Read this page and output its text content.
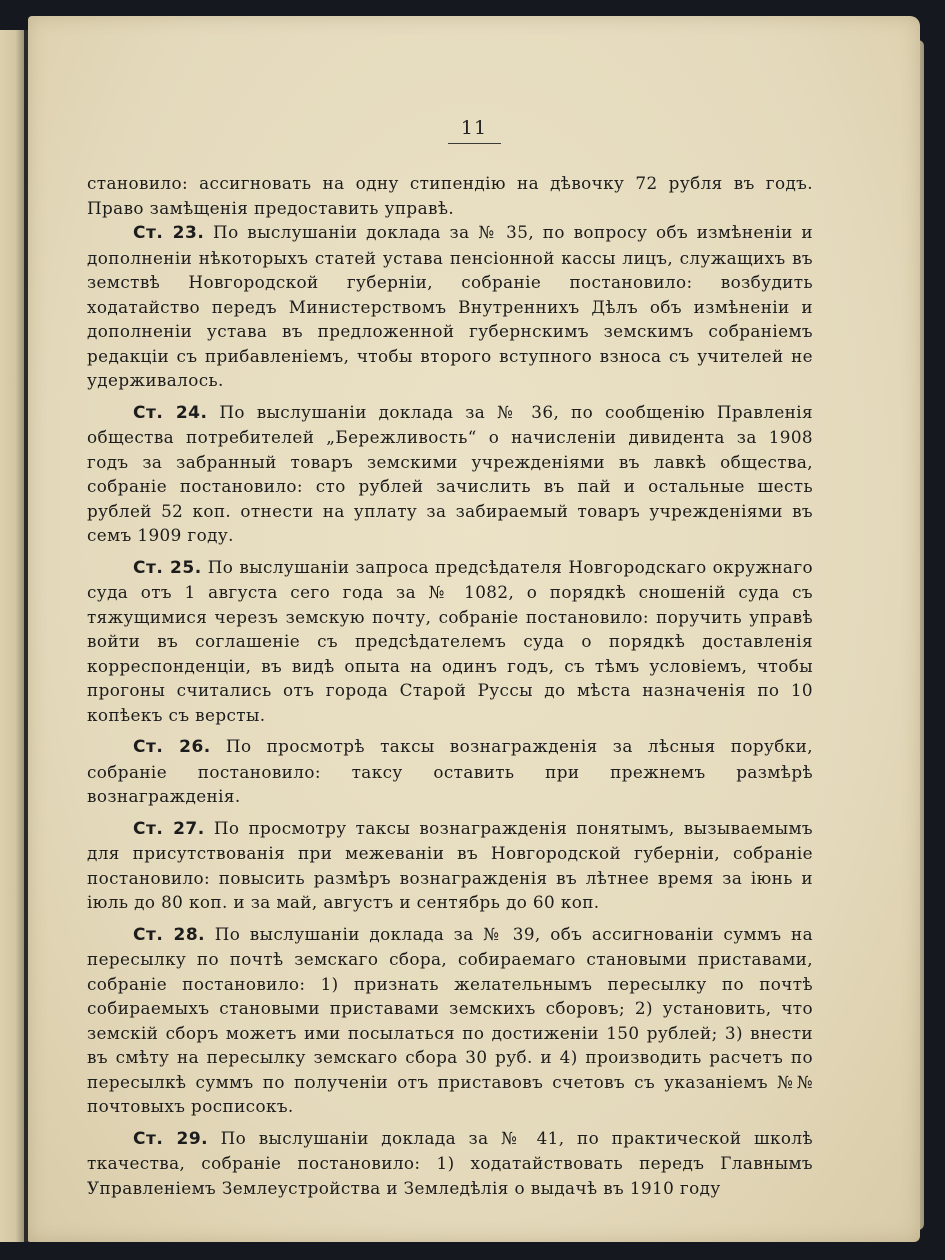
11

становило: ассигновать на одну стипендію на дѣвочку 72 рубля въ годъ. Право замѣщенія предоставить управѣ.

Ст. 23. По выслушаніи доклада за № 35, по вопросу объ измѣненіи и дополненіи нѣкоторыхъ статей устава пенсіонной кассы лицъ, служащихъ въ земствѣ Новгородской губерніи, собраніе постановило: возбудить ходатайство передъ Министерствомъ Внутреннихъ Дѣлъ объ измѣненіи и дополненіи устава въ предложенной губернскимъ земскимъ собраніемъ редакціи съ прибавленіемъ, чтобы второго вступного взноса съ учителей не удерживалось.

Ст. 24. По выслушаніи доклада за № 36, по сообщенію Правленія общества потребителей „Бережливость“ о начисленіи дивидента за 1908 годъ за забранный товаръ земскими учрежденіями въ лавкѣ общества, собраніе постановило: сто рублей зачислить въ пай и остальные шесть рублей 52 коп. отнести на уплату за забираемый товаръ учрежденіями въ семъ 1909 году.

Ст. 25. По выслушаніи запроса предсѣдателя Новгородскаго окружнаго суда отъ 1 августа сего года за № 1082, о порядкѣ сношеній суда съ тяжущимися черезъ земскую почту, собраніе постановило: поручить управѣ войти въ соглашеніе съ предсѣдателемъ суда о порядкѣ доставленія корреспонденціи, въ видѣ опыта на одинъ годъ, съ тѣмъ условіемъ, чтобы прогоны считались отъ города Старой Руссы до мѣста назначенія по 10 копѣекъ съ версты.

Ст. 26. По просмотрѣ таксы вознагражденія за лѣсныя порубки, собраніе постановило: таксу оставить при прежнемъ размѣрѣ вознагражденія.

Ст. 27. По просмотру таксы вознагражденія понятымъ, вызываемымъ для присутствованія при межеваніи въ Новгородской губерніи, собраніе постановило: повысить размѣръ вознагражденія въ лѣтнее время за іюнь и іюль до 80 коп. и за май, августъ и сентябрь до 60 коп.

Ст. 28. По выслушаніи доклада за № 39, объ ассигнованіи суммъ на пересылку по почтѣ земскаго сбора, собираемаго становыми приставами, собраніе постановило: 1) признать желательнымъ пересылку по почтѣ собираемыхъ становыми приставами земскихъ сборовъ; 2) установить, что земскій сборъ можетъ ими посылаться по достиженіи 150 рублей; 3) внести въ смѣту на пересылку земскаго сбора 30 руб. и 4) производить расчетъ по пересылкѣ суммъ по полученіи отъ приставовъ счетовъ съ указаніемъ №№ почтовыхъ росписокъ.

Ст. 29. По выслушаніи доклада за № 41, по практической школѣ ткачества, собраніе постановило: 1) ходатайствовать передъ Главнымъ Управленіемъ Землеустройства и Земледѣлія о выдачѣ въ 1910 году
